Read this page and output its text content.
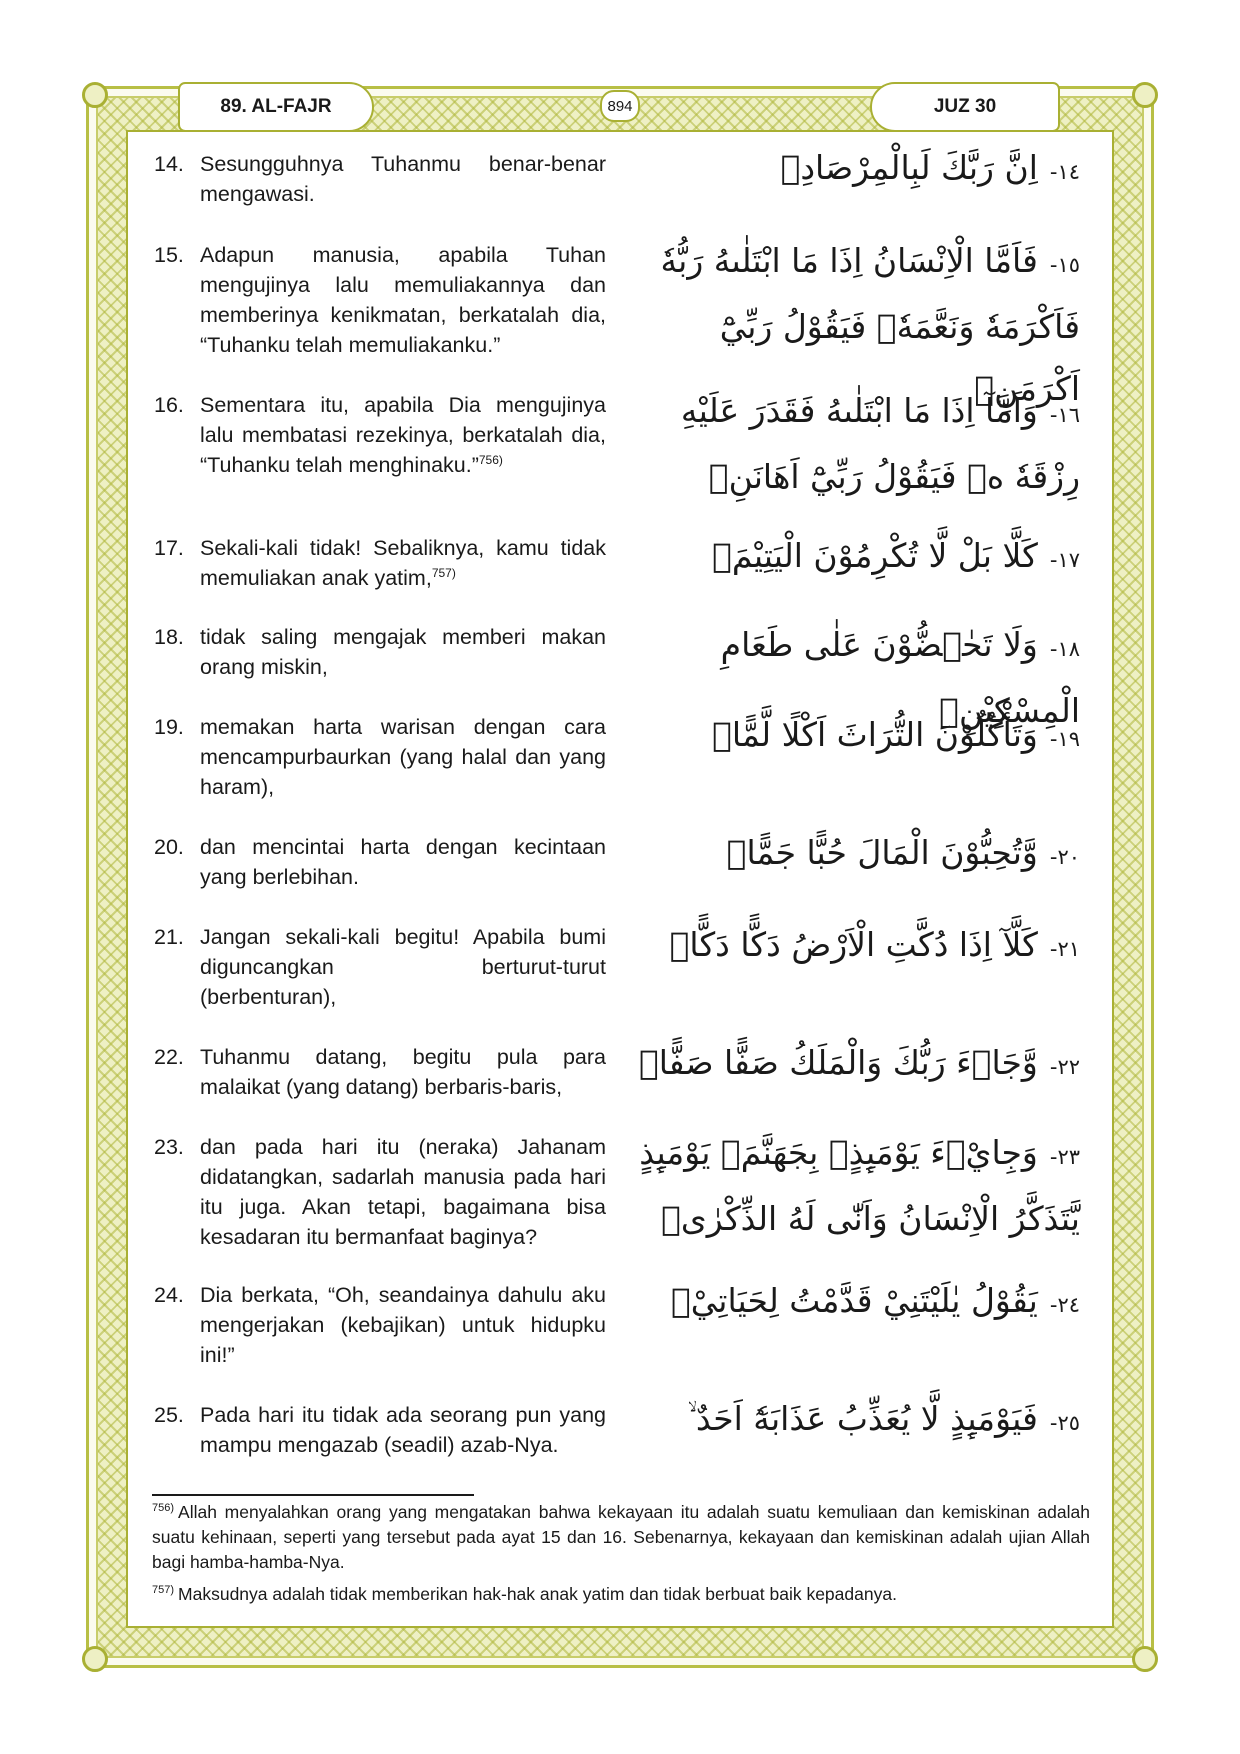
89. AL-FAJR	894	JUZ 30
14. Sesungguhnya Tuhanmu benar-benar mengawasi.
١٤-اِنَّ رَبَّكَ لَبِالْمِرْصَادِۗ
15. Adapun manusia, apabila Tuhan mengujinya lalu memuliakannya dan memberinya kenikmatan, berkatalah dia, “Tuhanku telah memuliakanku.”
١٥-فَاَمَّا الْاِنْسَانُ اِذَا مَا ابْتَلٰىهُ رَبُّهٗ فَاَكْرَمَهٗ وَنَعَّمَهٗۙ فَيَقُوْلُ رَبِّيْٓ اَكْرَمَنِۗ
16. Sementara itu, apabila Dia mengujinya lalu membatasi rezekinya, berkatalah dia, “Tuhanku telah menghinaku.”$^{756)}$
١٦-وَاَمَّآ اِذَا مَا ابْتَلٰىهُ فَقَدَرَ عَلَيْهِ رِزْقَهٗ ەۙ فَيَقُوْلُ رَبِّيْٓ اَهَانَنِۚ
17. Sekali-kali tidak! Sebaliknya, kamu tidak memuliakan anak yatim,$^{757)}$
١٧-كَلَّا بَلْ لَّا تُكْرِمُوْنَ الْيَتِيْمَۙ
18. tidak saling mengajak memberi makan orang miskin,
١٨-وَلَا تَحٰۤضُّوْنَ عَلٰى طَعَامِ الْمِسْكِيْنِۙ
19. memakan harta warisan dengan cara mencampurbaurkan (yang halal dan yang haram),
١٩-وَتَأْكُلُوْنَ التُّرَاثَ اَكْلًا لَّمًّاۙ
20. dan mencintai harta dengan kecintaan yang berlebihan.
٢٠-وَّتُحِبُّوْنَ الْمَالَ حُبًّا جَمًّاۗ
21. Jangan sekali-kali begitu! Apabila bumi diguncangkan berturut-turut (berbenturan),
٢١-كَلَّآ اِذَا دُكَّتِ الْاَرْضُ دَكًّا دَكًّاۙ
22. Tuhanmu datang, begitu pula para malaikat (yang datang) berbaris-baris,
٢٢-وَّجَاۤءَ رَبُّكَ وَالْمَلَكُ صَفًّا صَفًّاۚ
23. dan pada hari itu (neraka) Jahanam didatangkan, sadarlah manusia pada hari itu juga. Akan tetapi, bagaimana bisa kesadaran itu bermanfaat baginya?
٢٣-وَجِايْۤءَ يَوْمَىِٕذٍۢ بِجَهَنَّمَۙ يَوْمَىِٕذٍ يَّتَذَكَّرُ الْاِنْسَانُ وَاَنّٰى لَهُ الذِّكْرٰىۗ
24. Dia berkata, “Oh, seandainya dahulu aku mengerjakan (kebajikan) untuk hidupku ini!”
٢٤-يَقُوْلُ يٰلَيْتَنِيْ قَدَّمْتُ لِحَيَاتِيْۚ
25. Pada hari itu tidak ada seorang pun yang mampu mengazab (seadil) azab-Nya.
٢٥-فَيَوْمَىِٕذٍ لَّا يُعَذِّبُ عَذَابَهٗٓ اَحَدٌ ۙ
$^{756)}$ Allah menyalahkan orang yang mengatakan bahwa kekayaan itu adalah suatu kemuliaan dan kemiskinan adalah suatu kehinaan, seperti yang tersebut pada ayat 15 dan 16. Sebenarnya, kekayaan dan kemiskinan adalah ujian Allah bagi hamba-hamba-Nya.
$^{757)}$ Maksudnya adalah tidak memberikan hak-hak anak yatim dan tidak berbuat baik kepadanya.
